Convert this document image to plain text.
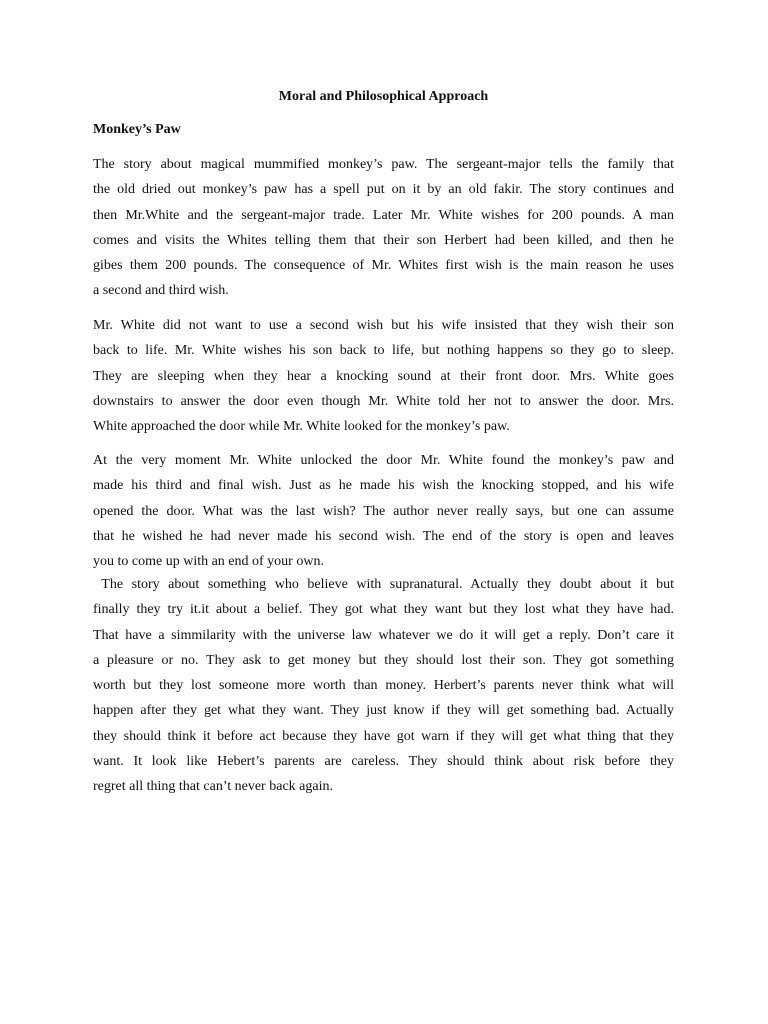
Moral and Philosophical Approach
Monkey’s Paw

The story about magical mummified monkey’s paw. The sergeant-major tells the family that
the old dried out monkey’s paw has a spell put on it by an old fakir. The story continues and
then Mr.White and the sergeant-major trade. Later Mr. White wishes for 200 pounds. A man
comes and visits the Whites telling them that their son Herbert had been killed, and then he
gibes them 200 pounds. The consequence of Mr. Whites first wish is the main reason he uses
a second and third wish.

Mr. White did not want to use a second wish but his wife insisted that they wish their son
back to life. Mr. White wishes his son back to life, but nothing happens so they go to sleep.
They are sleeping when they hear a knocking sound at their front door. Mrs. White goes
downstairs to answer the door even though Mr. White told her not to answer the door. Mrs.
White approached the door while Mr. White looked for the monkey’s paw.

At the very moment Mr. White unlocked the door Mr. White found the monkey’s paw and
made his third and final wish. Just as he made his wish the knocking stopped, and his wife
opened the door. What was the last wish? The author never really says, but one can assume
that he wished he had never made his second wish. The end of the story is open and leaves
you to come up with an end of your own.

The story about something who believe with supranatural. Actually they doubt about it but
finally they try it.it about a belief. They got what they want but they lost what they have had.
That have a simmilarity with the universe law whatever we do it will get a reply. Don’t care it
a pleasure or no. They ask to get money but they should lost their son. They got something
worth but they lost someone more worth than money. Herbert’s parents never think what will
happen after they get what they want. They just know if they will get something bad. Actually
they should think it before act because they have got warn if they will get what thing that they
want. It look like Hebert’s parents are careless. They should think about risk before they
regret all thing that can’t never back again.
